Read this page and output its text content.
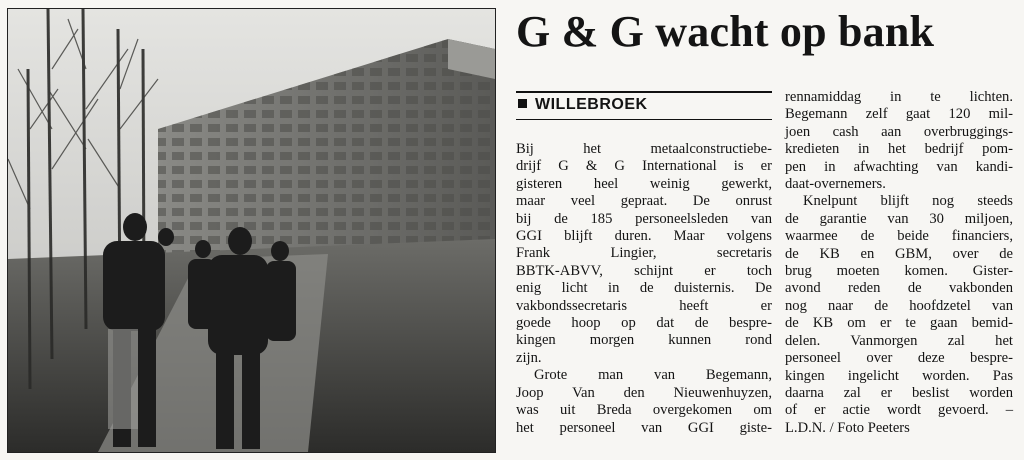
G & G wacht op bank
WILLEBROEK
Bij het metaalconstructiebe-
drijf G & G International is er
gisteren heel weinig gewerkt,
maar veel gepraat. De onrust
bij de 185 personeelsleden van
GGI blijft duren. Maar volgens
Frank Lingier, secretaris
BBTK-ABVV, schijnt er toch
enig licht in de duisternis. De
vakbondssecretaris heeft er
goede hoop op dat de bespre-
kingen morgen kunnen rond
zijn.
Grote man van Begemann,
Joop Van den Nieuwenhuyzen,
was uit Breda overgekomen om
het personeel van GGI giste-
rennamiddag in te lichten.
Begemann zelf gaat 120 mil-
joen cash aan overbruggings-
kredieten in het bedrijf pom-
pen in afwachting van kandi-
daat-overnemers.
Knelpunt blijft nog steeds
de garantie van 30 miljoen,
waarmee de beide financiers,
de KB en GBM, over de
brug moeten komen. Gister-
avond reden de vakbonden
nog naar de hoofdzetel van
de KB om er te gaan bemid-
delen. Vanmorgen zal het
personeel over deze bespre-
kingen ingelicht worden. Pas
daarna zal er beslist worden
of er actie wordt gevoerd. –
L.D.N. / Foto Peeters
